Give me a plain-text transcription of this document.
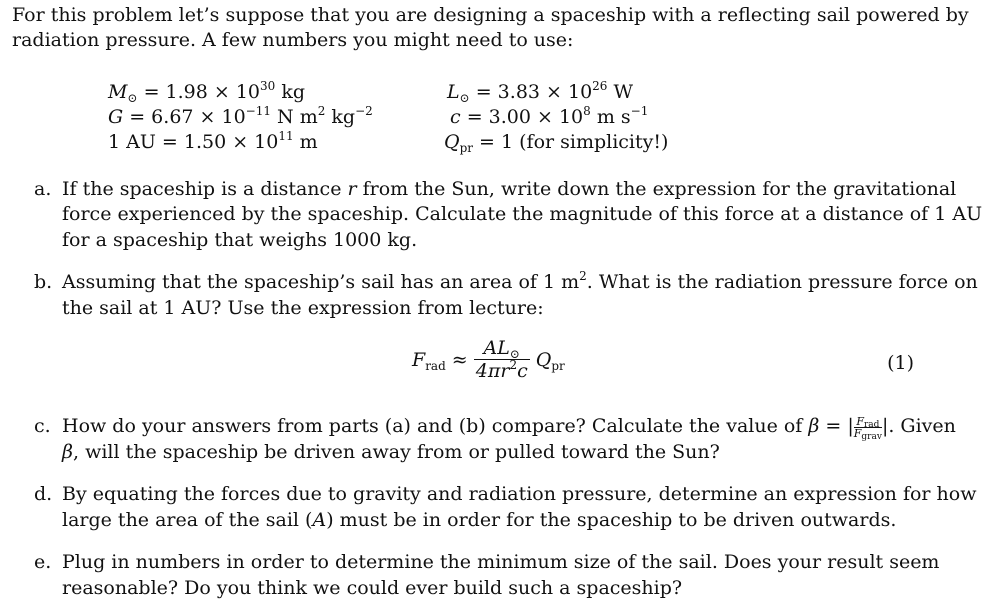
For this problem let’s suppose that you are designing a spaceship with a reflecting sail powered by
radiation pressure. A few numbers you might need to use:
$M_⊙ = 1.98 \times 10^{30}$ kg
$G = 6.67 \times 10^{-11}$ N $m^2$ $kg^{-2}$
1 AU = $1.50 \times 10^{11}$ m
$L_⊙ = 3.83 \times 10^{26}$ W
$c = 3.00 \times 10^8$ m $s^{-1}$
$Q_{pr} = 1$ (for simplicity!)
a. If the spaceship is a distance r from the Sun, write down the expression for the gravitational
force experienced by the spaceship. Calculate the magnitude of this force at a distance of 1 AU
for a spaceship that weighs 1000 kg.
b. Assuming that the spaceship’s sail has an area of 1 $m^2$. What is the radiation pressure force on
the sail at 1 AU? Use the expression from lecture:
$F_{rad} \approx \frac{AL_⊙}{4\pi r^2c} Q_{pr}$	(1)
c. How do your answers from parts (a) and (b) compare? Calculate the value of β = | $\frac{F_{rad}}{F_{grav}}$ |. Given
β, will the spaceship be driven away from or pulled toward the Sun?
d. By equating the forces due to gravity and radiation pressure, determine an expression for how
large the area of the sail (A) must be in order for the spaceship to be driven outwards.
e. Plug in numbers in order to determine the minimum size of the sail. Does your result seem
reasonable? Do you think we could ever build such a spaceship?
